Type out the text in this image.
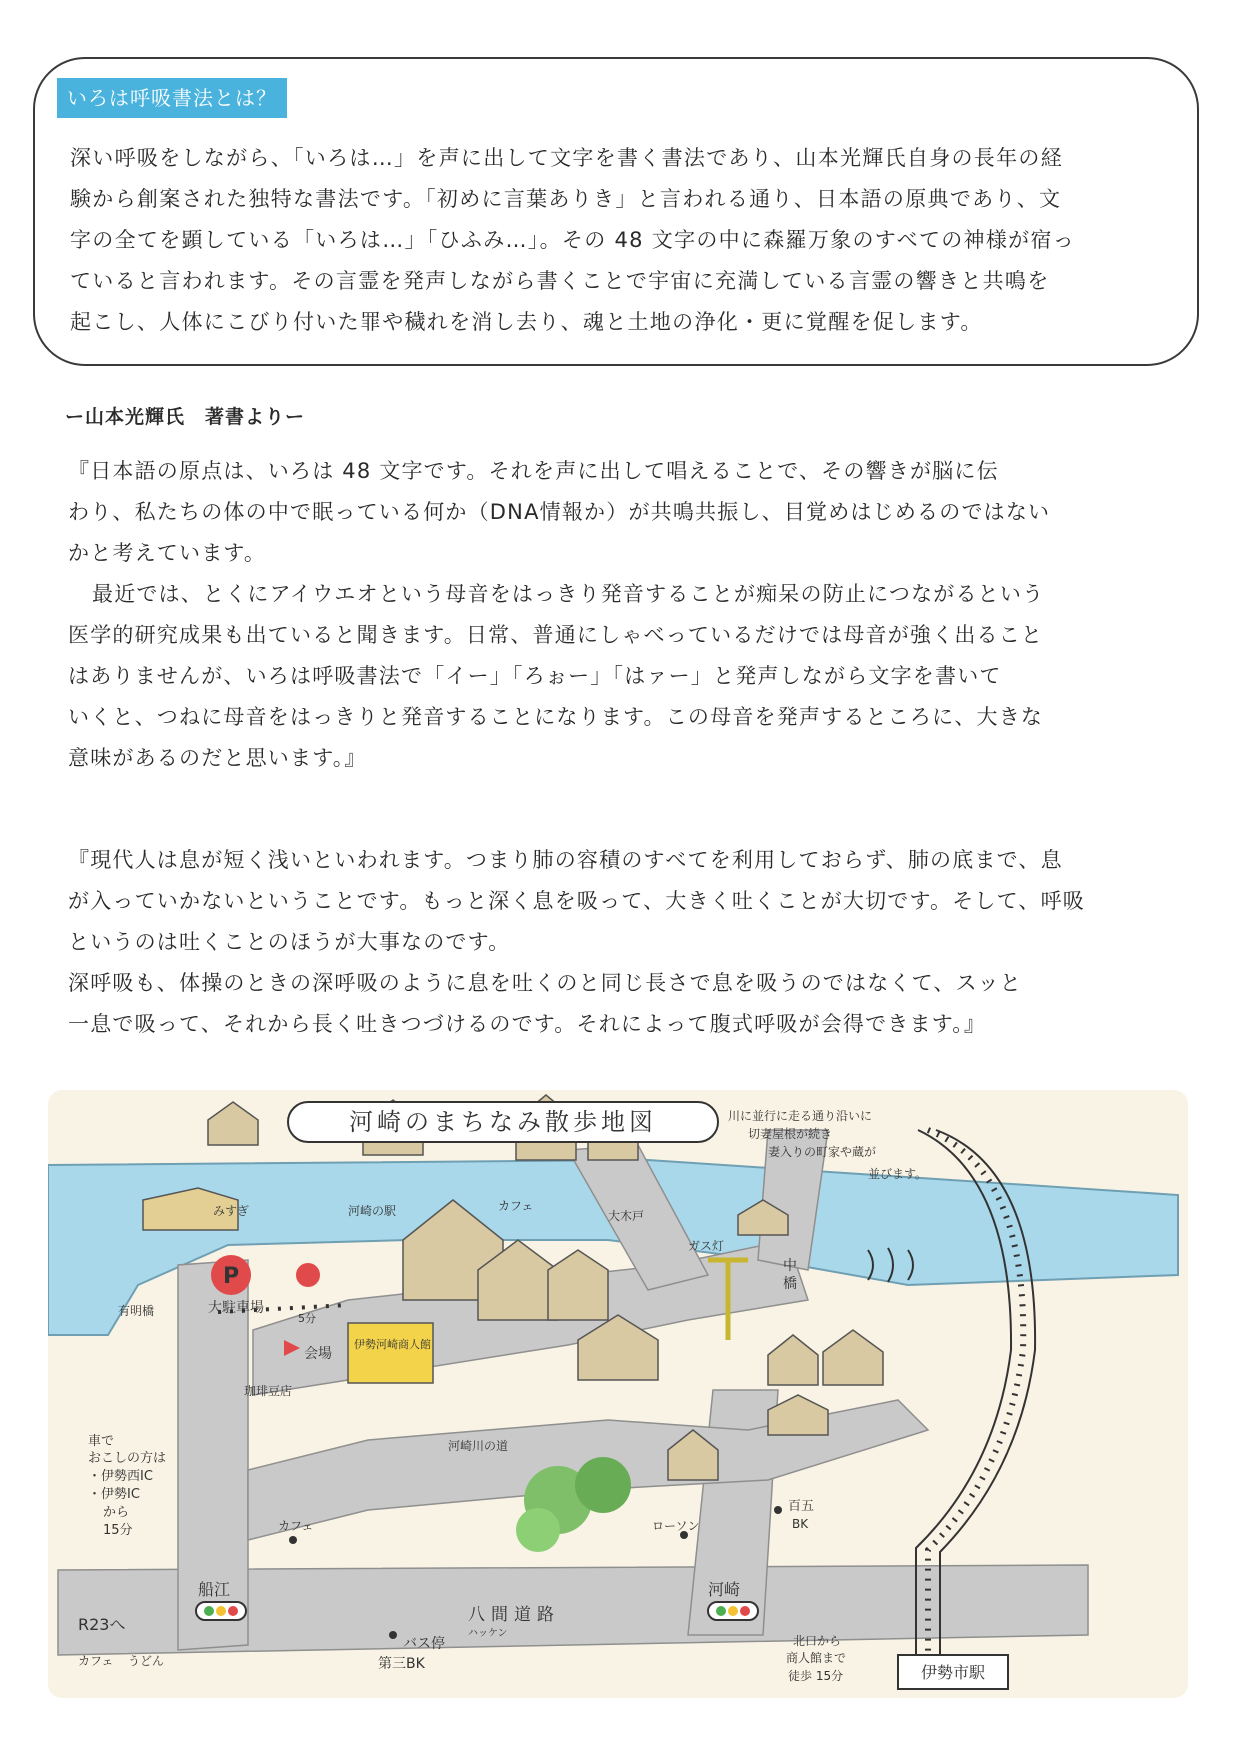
いろは呼吸書法とは？

深い呼吸をしながら、「いろは…」を声に出して文字を書く書法であり、山本光輝氏自身の長年の経
験から創案された独特な書法です。「初めに言葉ありき」と言われる通り、日本語の原典であり、文
字の全てを顕している「いろは…」「ひふみ…」。その 48 文字の中に森羅万象のすべての神様が宿っ
ていると言われます。その言霊を発声しながら書くことで宇宙に充満している言霊の響きと共鳴を
起こし、人体にこびり付いた罪や穢れを消し去り、魂と土地の浄化・更に覚醒を促します。

ー山本光輝氏　著書よりー

『日本語の原点は、いろは 48 文字です。それを声に出して唱えることで、その響きが脳に伝
わり、私たちの体の中で眠っている何か（DNA情報か）が共鳴共振し、目覚めはじめるのではない
かと考えています。
最近では、とくにアイウエオという母音をはっきり発音することが痴呆の防止につながるという
医学的研究成果も出ていると聞きます。日常、普通にしゃべっているだけでは母音が強く出ること
はありませんが、いろは呼吸書法で「イー」「ろぉー」「はァー」と発声しながら文字を書いて
いくと、つねに母音をはっきりと発音することになります。この母音を発声するところに、大きな
意味があるのだと思います。』

『現代人は息が短く浅いといわれます。つまり肺の容積のすべてを利用しておらず、肺の底まで、息
が入っていかないということです。もっと深く息を吸って、大きく吐くことが大切です。そして、呼吸
というのは吐くことのほうが大事なのです。
深呼吸も、体操のときの深呼吸のように息を吐くのと同じ長さで息を吸うのではなくて、スッと
一息で吸って、それから長く吐きつづけるのです。それによって腹式呼吸が会得できます。』

P
河崎のまちなみ散歩地図
伊勢市駅
川に並行に走る通り沿いに
切妻屋根が続き
妻入りの町家や蔵が
並びます。
みすぎ	河崎の駅	カフェ
ガス灯
中
橋
大木戸
大駐車場
有明橋
5分
伊勢河崎商人館
会場
珈琲豆店
河崎川の道
ローソン
百五
BK
カフェ
車で
おこしの方は
・伊勢西IC
・伊勢IC
から
15分
R23へ
船江
八間道路
ハッケン
河崎
バス停
第三BK
カフェ うどん
北口から
商人館まで
徒歩 15分
